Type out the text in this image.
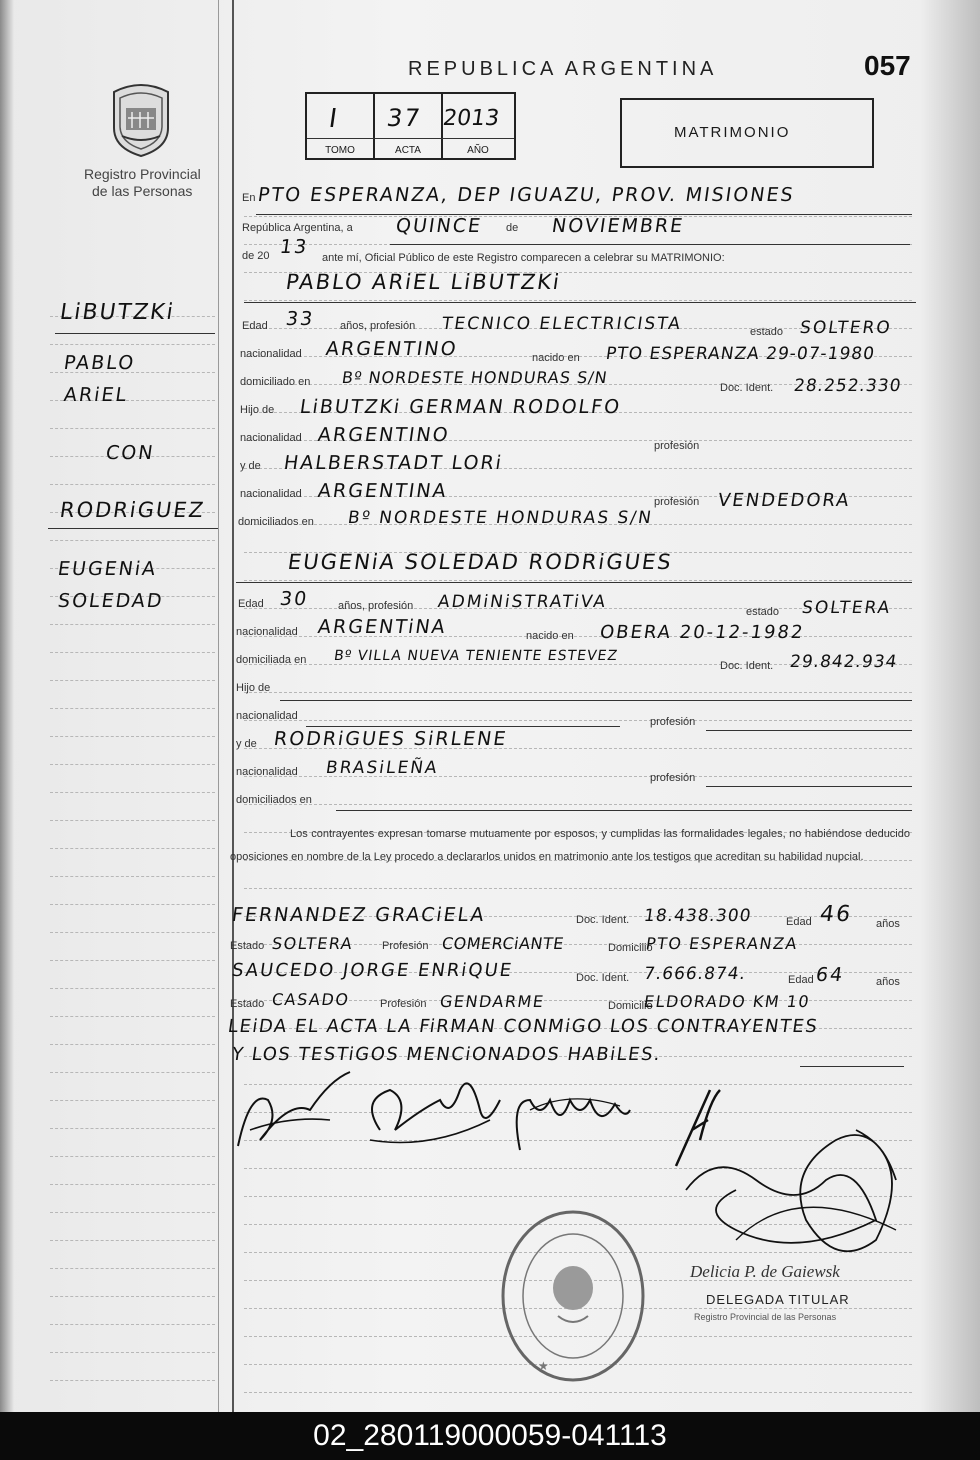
Registro Provincial
de las Personas
REPUBLICA ARGENTINA	057
I 37 2013
TOMO	ACTA	AÑO
MATRIMONIO
LiBUTZKi
PABLO
ARiEL
CON
RODRiGUEZ
EUGENiA
SOLEDAD
En PTO ESPERANZA, DEP IGUAZU, PROV. MISIONES
República Argentina, a QUINCE de NOVIEMBRE
de 20 13 ante mí, Oficial Público de este Registro comparecen a celebrar su MATRIMONIO:
PABLO ARiEL LiBUTZKi
Edad 33 años, profesión TECNICO ELECTRICISTA	estado SOLTERO
nacionalidad ARGENTINO	nacido en PTO ESPERANZA 29-07-1980
domiciliado en Bº NORDESTE HONDURAS S/N
Doc. Ident. 28.252.330
Hijo de LiBUTZKi GERMAN RODOLFO
nacionalidad ARGENTINO	profesión
y de HALBERSTADT LORi
nacionalidad ARGENTINA	profesión VENDEDORA
domiciliados en Bº NORDESTE HONDURAS S/N
EUGENiA SOLEDAD RODRiGUES
Edad 30	años, profesión ADMiNiSTRATiVA	estado SOLTERA
nacionalidad ARGENTiNA	nacido en OBERA 20-12-1982
domiciliada en Bº VILLA NUEVA TENIENTE ESTEVEZ
Doc. Ident. 29.842.934
Hijo de
nacionalidad	profesión
y de RODRiGUES SiRLENE
nacionalidad BRASiLEÑA	profesión
domiciliados en
Los contrayentes expresan tomarse mutuamente por esposos, y cumplidas las formalidades legales, no habiéndose deducido oposiciones en nombre de la Ley procedo a declararlos unidos en matrimonio ante los testigos que acreditan su habilidad nupcial.
FERNANDEZ GRACiELA	Doc. Ident. 18.438.300	Edad 46 años
Estado SOLTERA Profesión COMERCiANTE	Domicilio
PTO ESPERANZA
SAUCEDO JORGE ENRiQUE	Doc. Ident. 7.666.874.	Edad 64	años
Estado CASADO	Profesión GENDARME	Domicilio
ELDORADO KM 10
LEiDA EL ACTA LA FiRMAN CONMiGO LOS CONTRAYENTES
Y LOS TESTiGOS MENCiONADOS HABiLES.
Delicia P. de Gaiewsk
DELEGADA TITULAR
Registro Provincial de las Personas
★
02_280119000059-041113
